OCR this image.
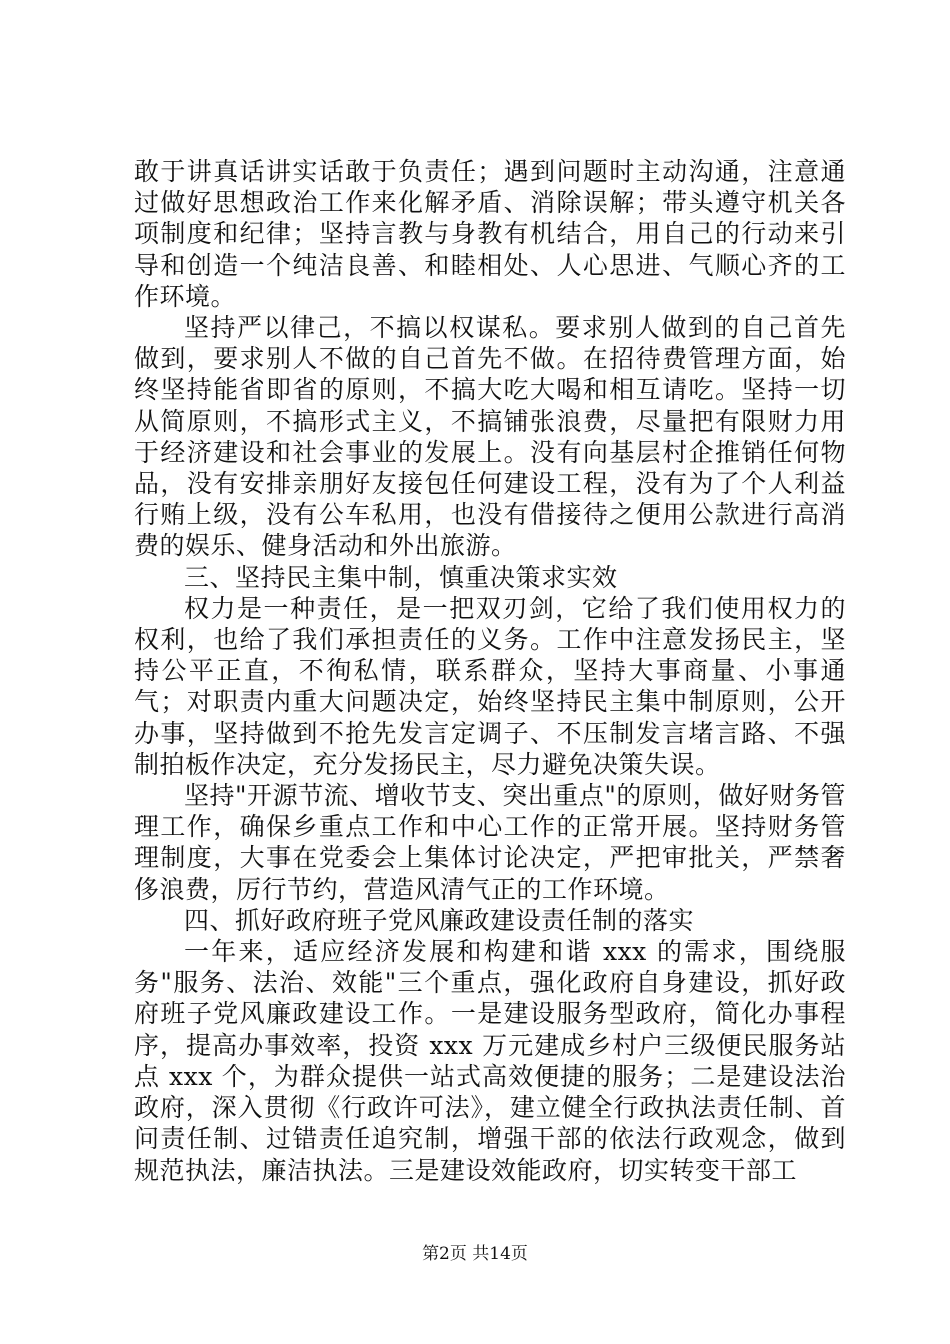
敢于讲真话讲实话敢于负责任；遇到问题时主动沟通，注意通过做好思想政治工作来化解矛盾、消除误解；带头遵守机关各项制度和纪律；坚持言教与身教有机结合，用自己的行动来引导和创造一个纯洁良善、和睦相处、人心思进、气顺心齐的工作环境。

坚持严以律己，不搞以权谋私。要求别人做到的自己首先做到，要求别人不做的自己首先不做。在招待费管理方面，始终坚持能省即省的原则，不搞大吃大喝和相互请吃。坚持一切从简原则，不搞形式主义，不搞铺张浪费，尽量把有限财力用于经济建设和社会事业的发展上。没有向基层村企推销任何物品，没有安排亲朋好友接包任何建设工程，没有为了个人利益行贿上级，没有公车私用，也没有借接待之便用公款进行高消费的娱乐、健身活动和外出旅游。

三、坚持民主集中制，慎重决策求实效

权力是一种责任，是一把双刃剑，它给了我们使用权力的权利，也给了我们承担责任的义务。工作中注意发扬民主，坚持公平正直，不徇私情，联系群众，坚持大事商量、小事通气；对职责内重大问题决定，始终坚持民主集中制原则，公开办事，坚持做到不抢先发言定调子、不压制发言堵言路、不强制拍板作决定，充分发扬民主，尽力避免决策失误。

坚持"开源节流、增收节支、突出重点"的原则，做好财务管理工作，确保乡重点工作和中心工作的正常开展。坚持财务管理制度，大事在党委会上集体讨论决定，严把审批关，严禁奢侈浪费，厉行节约，营造风清气正的工作环境。

四、抓好政府班子党风廉政建设责任制的落实

一年来，适应经济发展和构建和谐 xxx 的需求，围绕服务"服务、法治、效能"三个重点，强化政府自身建设，抓好政府班子党风廉政建设工作。一是建设服务型政府，简化办事程序，提高办事效率，投资 xxx 万元建成乡村户三级便民服务站点 xxx 个，为群众提供一站式高效便捷的服务；二是建设法治政府，深入贯彻《行政许可法》，建立健全行政执法责任制、首问责任制、过错责任追究制，增强干部的依法行政观念，做到规范执法，廉洁执法。三是建设效能政府，切实转变干部工

第2页 共14页
